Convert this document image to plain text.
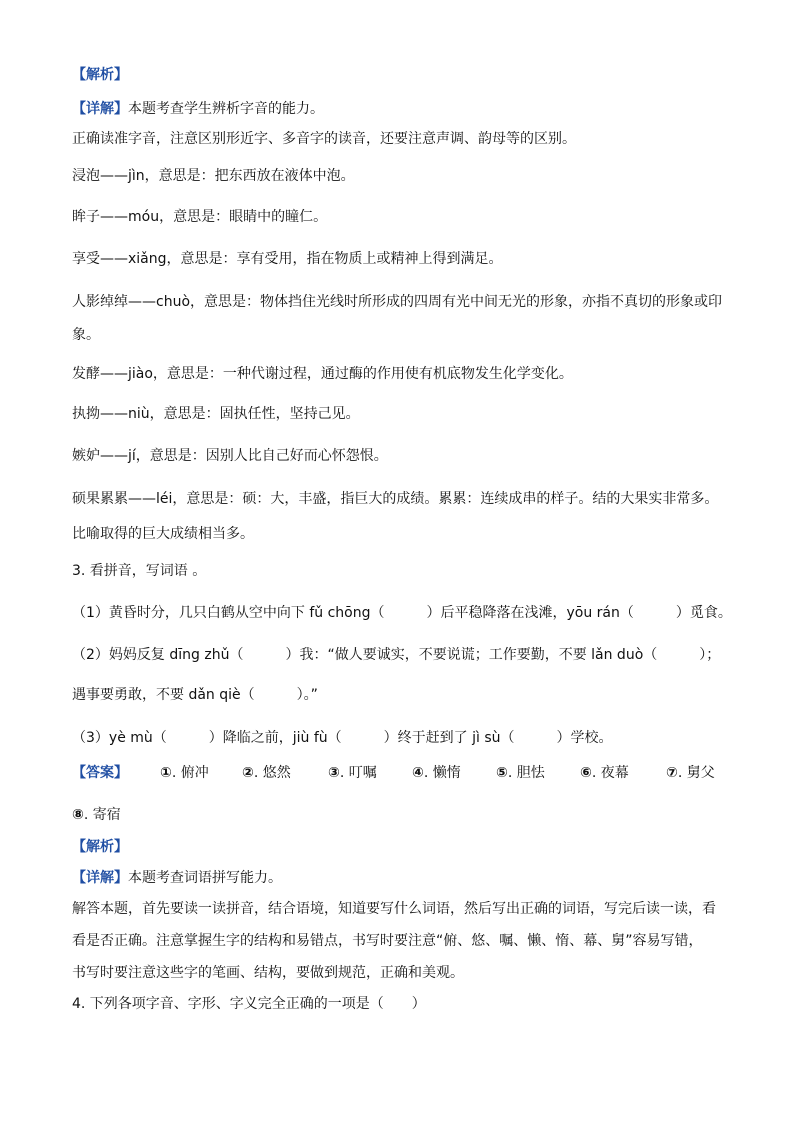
【解析】
【详解】本题考查学生辨析字音的能力。
正确读准字音，注意区别形近字、多音字的读音，还要注意声调、韵母等的区别。
浸泡——jìn，意思是：把东西放在液体中泡。
眸子——móu，意思是：眼睛中的瞳仁。
享受——xiǎng，意思是：享有受用，指在物质上或精神上得到满足。
人影绰绰——chuò，意思是：物体挡住光线时所形成的四周有光中间无光的形象，亦指不真切的形象或印
象。
发酵——jiào，意思是：一种代谢过程，通过酶的作用使有机底物发生化学变化。
执拗——niù，意思是：固执任性，坚持己见。
嫉妒——jí，意思是：因别人比自己好而心怀怨恨。
硕果累累——léi，意思是：硕：大，丰盛，指巨大的成绩。累累：连续成串的样子。结的大果实非常多。
比喻取得的巨大成绩相当多。
3. 看拼音，写词语 。
（1）黄昏时分，几只白鹤从空中向下 fǔ chōng（　　　）后平稳降落在浅滩，yōu rán（　　　）觅食。
（2）妈妈反复 dīng zhǔ（　　　）我：“做人要诚实，不要说谎；工作要勤，不要 lǎn duò（　　　）；
遇事要勇敢，不要 dǎn qiè（　　　）。”
（3）yè mù（　　　）降临之前，jiù fù（　　　）终于赶到了 jì sù（　　　）学校。
【答案】 ①. 俯冲 ②. 悠然	③. 叮嘱	④. 懒惰	⑤. 胆怯	⑥. 夜幕	⑦. 舅父
⑧. 寄宿
【解析】
【详解】本题考查词语拼写能力。
解答本题，首先要读一读拼音，结合语境，知道要写什么词语，然后写出正确的词语，写完后读一读，看
看是否正确。注意掌握生字的结构和易错点，书写时要注意“俯、悠、嘱、懒、惰、幕、舅”容易写错，
书写时要注意这些字的笔画、结构，要做到规范，正确和美观。
4. 下列各项字音、字形、字义完全正确的一项是（　　）
